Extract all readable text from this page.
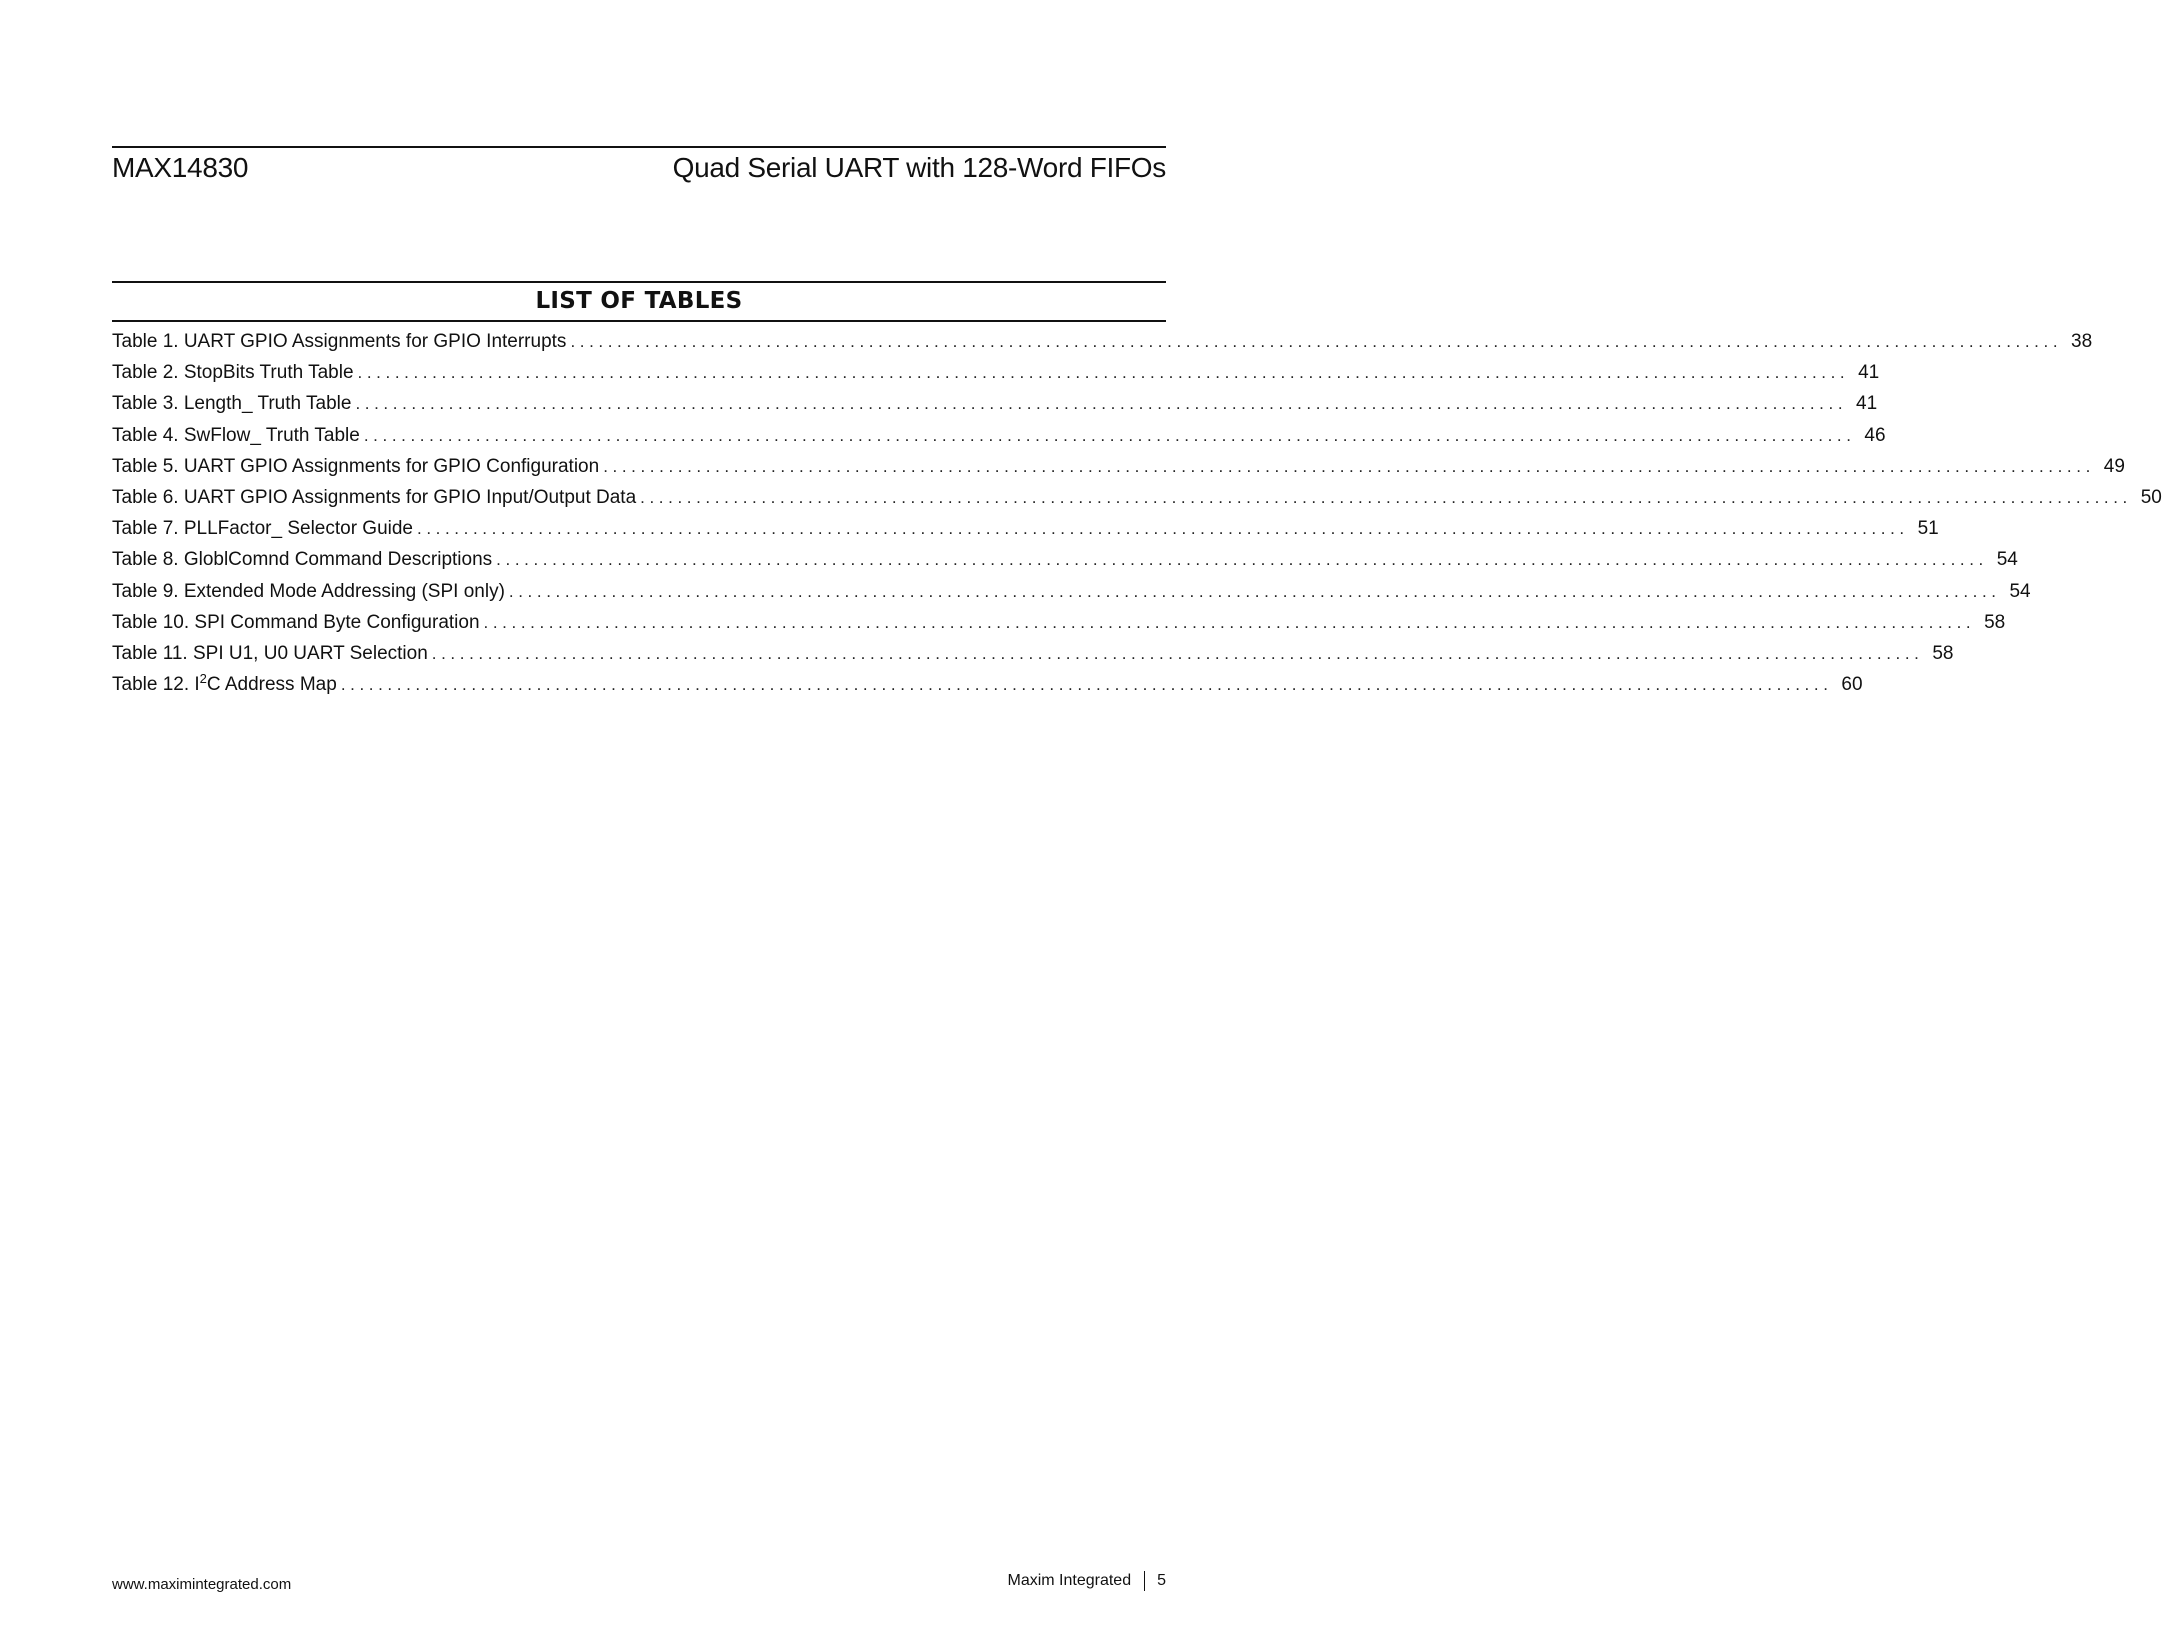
MAX14830	Quad Serial UART with 128-Word FIFOs
LIST OF TABLES
Table 1. UART GPIO Assignments for GPIO Interrupts ................................................................................................................................................................ 38
Table 2. StopBits Truth Table ................................................................................................................................................................ 41
Table 3. Length_ Truth Table ................................................................................................................................................................ 41
Table 4. SwFlow_ Truth Table ................................................................................................................................................................ 46
Table 5. UART GPIO Assignments for GPIO Configuration ................................................................................................................................................................ 49
Table 6. UART GPIO Assignments for GPIO Input/Output Data ................................................................................................................................................................ 50
Table 7. PLLFactor_ Selector Guide ................................................................................................................................................................ 51
Table 8. GloblComnd Command Descriptions ................................................................................................................................................................ 54
Table 9. Extended Mode Addressing (SPI only) ................................................................................................................................................................ 54
Table 10. SPI Command Byte Configuration ................................................................................................................................................................ 58
Table 11. SPI U1, U0 UART Selection ................................................................................................................................................................ 58
Table 12. $I^2C$ Address Map ................................................................................................................................................................ 60
www.maximintegrated.com	Maxim Integrated 5
